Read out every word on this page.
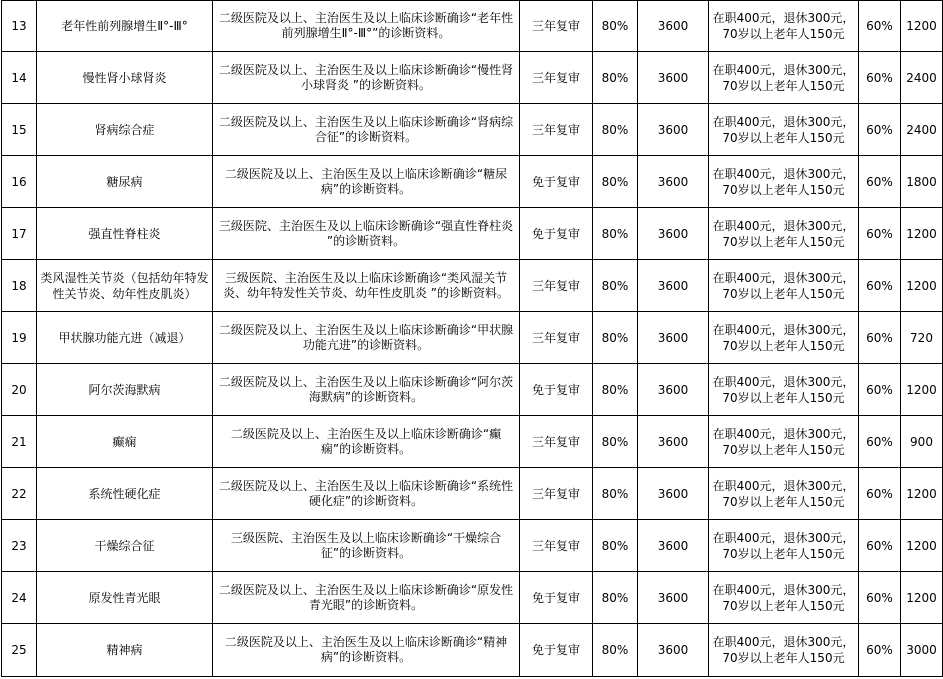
13	老年性前列腺增生Ⅱ°-Ⅲ°	二级医院及以上、主治医生及以上临床诊断确诊“老年性前列腺增生Ⅱ°-Ⅲ°”的诊断资料。	三年复审	80%	3600	在职400元，退休300元，70岁以上老年人150元	60%	1200
14	慢性肾小球肾炎	二级医院及以上、主治医生及以上临床诊断确诊“慢性肾小球肾炎 ”的诊断资料。	三年复审	80%	3600	在职400元，退休300元，70岁以上老年人150元	60%	2400
15	肾病综合症	二级医院及以上、主治医生及以上临床诊断确诊“肾病综合征”的诊断资料。	三年复审	80%	3600	在职400元，退休300元，70岁以上老年人150元	60%	2400
16	糖尿病	二级医院及以上、主治医生及以上临床诊断确诊“糖尿病”的诊断资料。	免于复审	80%	3600	在职400元，退休300元，70岁以上老年人150元	60%	1800
17	强直性脊柱炎	三级医院、主治医生及以上临床诊断确诊“强直性脊柱炎 ”的诊断资料。	免于复审	80%	3600	在职400元，退休300元，70岁以上老年人150元	60%	1200
18	类风湿性关节炎（包括幼年特发性关节炎、幼年性皮肌炎）	三级医院、主治医生及以上临床诊断确诊“类风湿关节炎、幼年特发性关节炎、幼年性皮肌炎 ”的诊断资料。	三年复审	80%	3600	在职400元，退休300元，70岁以上老年人150元	60%	1200
19	甲状腺功能亢进（减退）	二级医院及以上、主治医生及以上临床诊断确诊“甲状腺功能亢进”的诊断资料。	三年复审	80%	3600	在职400元，退休300元，70岁以上老年人150元	60%	720
20	阿尔茨海默病	二级医院及以上、主治医生及以上临床诊断确诊“阿尔茨海默病”的诊断资料。	免于复审	80%	3600	在职400元，退休300元，70岁以上老年人150元	60%	1200
21	癫痫	二级医院及以上、主治医生及以上临床诊断确诊“癫痫”的诊断资料。	三年复审	80%	3600	在职400元，退休300元，70岁以上老年人150元	60%	900
22	系统性硬化症	二级医院及以上、主治医生及以上临床诊断确诊“系统性硬化症”的诊断资料。	三年复审	80%	3600	在职400元，退休300元，70岁以上老年人150元	60%	1200
23	干燥综合征	三级医院、主治医生及以上临床诊断确诊“干燥综合征”的诊断资料。	三年复审	80%	3600	在职400元，退休300元，70岁以上老年人150元	60%	1200
24	原发性青光眼	二级医院及以上、主治医生及以上临床诊断确诊“原发性青光眼”的诊断资料。	免于复审	80%	3600	在职400元，退休300元，70岁以上老年人150元	60%	1200
25	精神病	二级医院及以上、主治医生及以上临床诊断确诊“精神病”的诊断资料。	免于复审	80%	3600	在职400元，退休300元，70岁以上老年人150元	60%	3000
